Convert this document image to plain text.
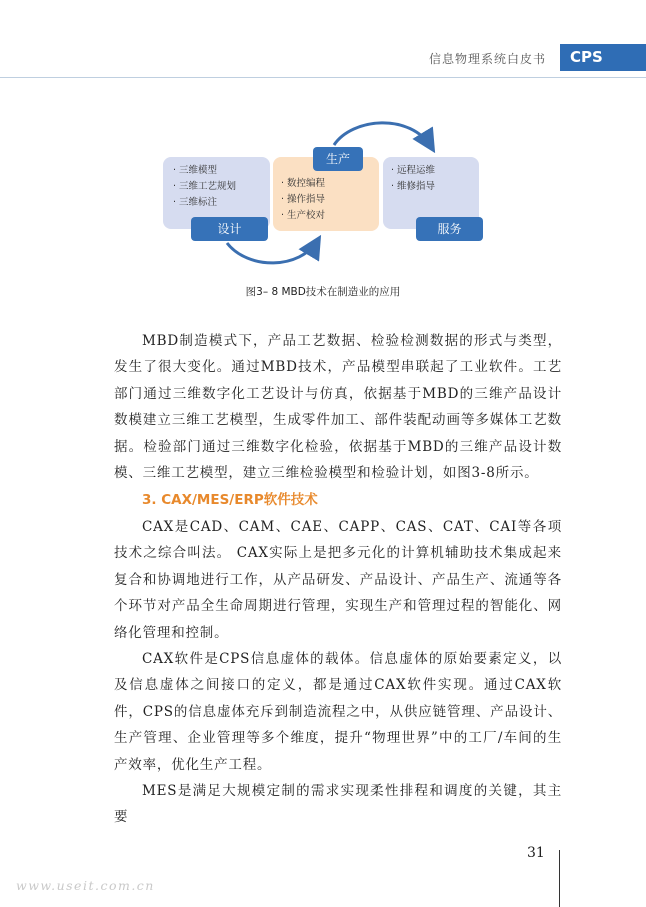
信息物理系统白皮书	CPS
· 三维模型
· 三维工艺规划
· 三维标注
· 数控编程
· 操作指导
· 生产校对
· 远程运维
· 维修指导
设计
生产
服务
图3– 8 MBD技术在制造业的应用

MBD制造模式下，产品工艺数据、检验检测数据的形式与类型，发生了很大变化。通过MBD技术，产品模型串联起了工业软件。工艺部门通过三维数字化工艺设计与仿真，依据基于MBD的三维产品设计数模建立三维工艺模型，生成零件加工、部件装配动画等多媒体工艺数据。检验部门通过三维数字化检验，依据基于MBD的三维产品设计数模、三维工艺模型，建立三维检验模型和检验计划，如图3-8所示。

3. CAX/MES/ERP软件技术

CAX是CAD、CAM、CAE、CAPP、CAS、CAT、CAI等各项技术之综合叫法。 CAX实际上是把多元化的计算机辅助技术集成起来复合和协调地进行工作，从产品研发、产品设计、产品生产、流通等各个环节对产品全生命周期进行管理，实现生产和管理过程的智能化、网络化管理和控制。

CAX软件是CPS信息虚体的载体。信息虚体的原始要素定义，以及信息虚体之间接口的定义，都是通过CAX软件实现。通过CAX软件，CPS的信息虚体充斥到制造流程之中，从供应链管理、产品设计、生产管理、企业管理等多个维度，提升“物理世界”中的工厂/车间的生产效率，优化生产工程。

MES是满足大规模定制的需求实现柔性排程和调度的关键，其主要

31
www.useit.com.cn
